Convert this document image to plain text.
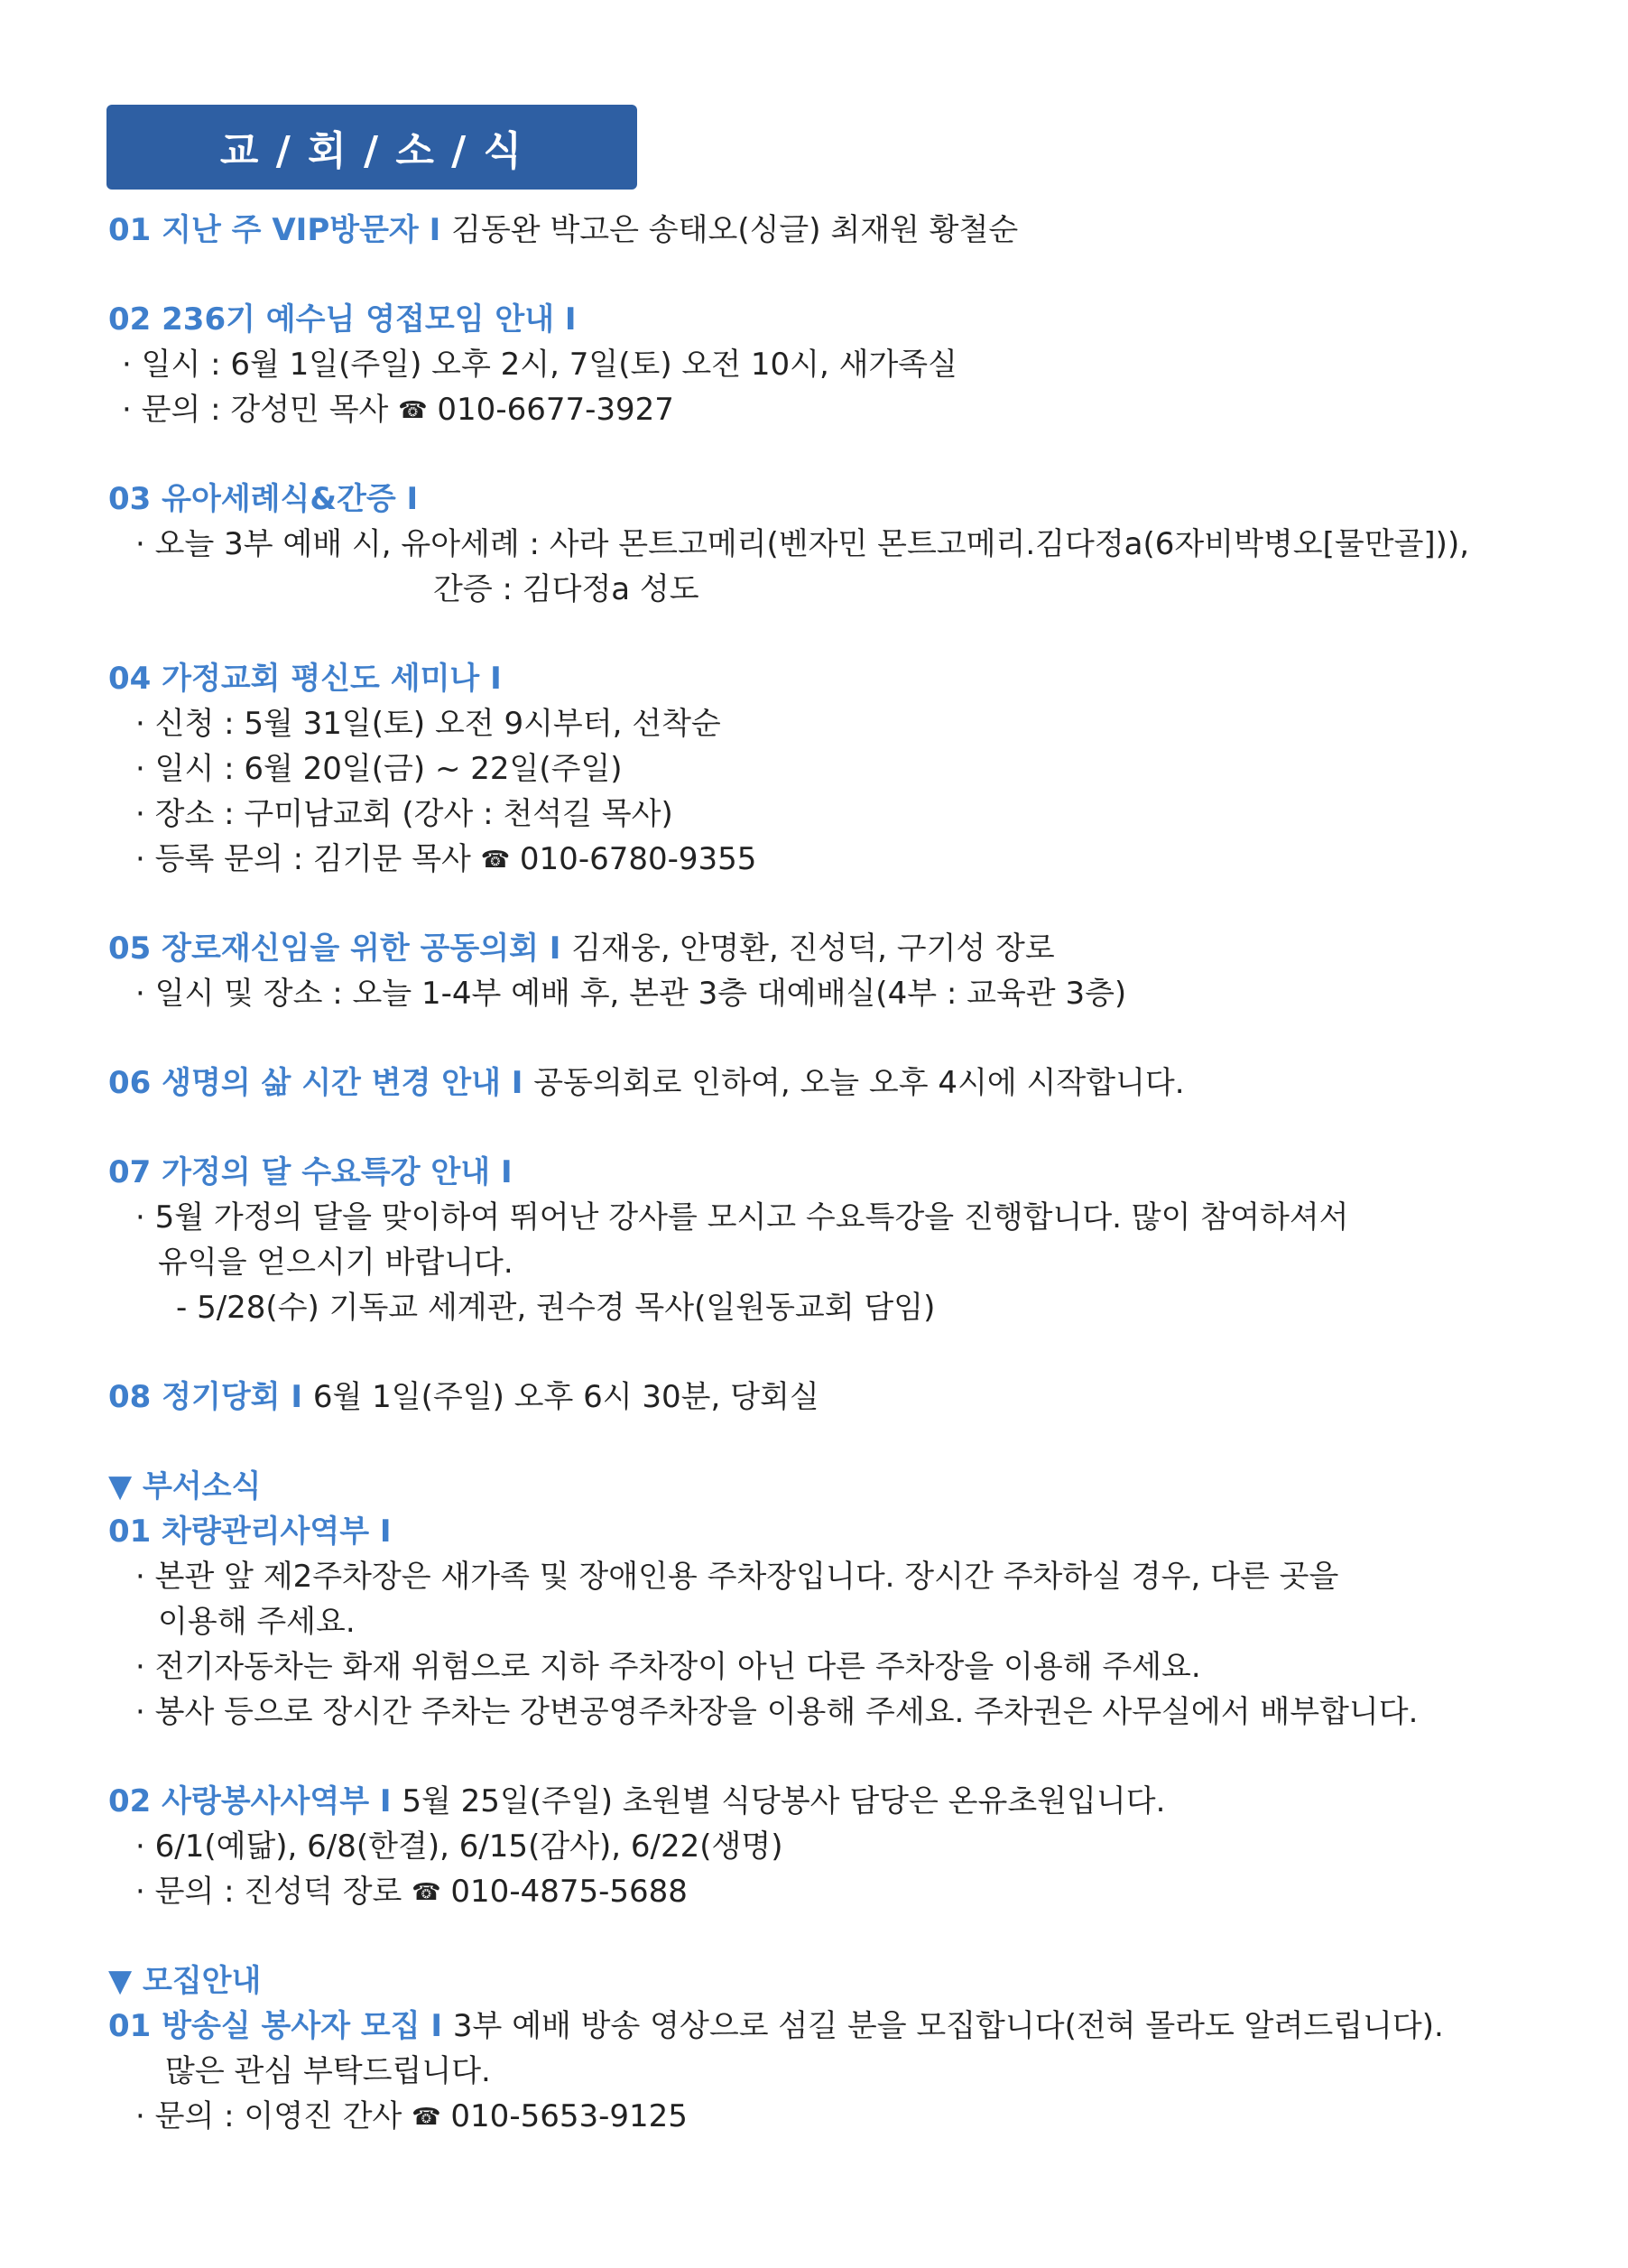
교 / 회 / 소 / 식
01 지난 주 VIP방문자 I 김동완 박고은 송태오(싱글) 최재원 황철순
02 236기 예수님 영접모임 안내 I
· 일시 : 6월 1일(주일) 오후 2시, 7일(토) 오전 10시, 새가족실
· 문의 : 강성민 목사 ☎ 010-6677-3927
03 유아세례식&간증 I
· 오늘 3부 예배 시, 유아세례 : 사라 몬트고메리(벤자민 몬트고메리.김다정a(6자비박병오[물만골])),
간증 : 김다정a 성도
04 가정교회 평신도 세미나 I
· 신청 : 5월 31일(토) 오전 9시부터, 선착순
· 일시 : 6월 20일(금) ~ 22일(주일)
· 장소 : 구미남교회 (강사 : 천석길 목사)
· 등록 문의 : 김기문 목사 ☎ 010-6780-9355
05 장로재신임을 위한 공동의회 I 김재웅, 안명환, 진성덕, 구기성 장로
· 일시 및 장소 : 오늘 1-4부 예배 후, 본관 3층 대예배실(4부 : 교육관 3층)
06 생명의 삶 시간 변경 안내 I 공동의회로 인하여, 오늘 오후 4시에 시작합니다.
07 가정의 달 수요특강 안내 I
· 5월 가정의 달을 맞이하여 뛰어난 강사를 모시고 수요특강을 진행합니다. 많이 참여하셔서
유익을 얻으시기 바랍니다.
- 5/28(수) 기독교 세계관, 권수경 목사(일원동교회 담임)
08 정기당회 I 6월 1일(주일) 오후 6시 30분, 당회실
▼ 부서소식
01 차량관리사역부 I
· 본관 앞 제2주차장은 새가족 및 장애인용 주차장입니다. 장시간 주차하실 경우, 다른 곳을
이용해 주세요.
· 전기자동차는 화재 위험으로 지하 주차장이 아닌 다른 주차장을 이용해 주세요.
· 봉사 등으로 장시간 주차는 강변공영주차장을 이용해 주세요. 주차권은 사무실에서 배부합니다.
02 사랑봉사사역부 I 5월 25일(주일) 초원별 식당봉사 담당은 온유초원입니다.
· 6/1(예닮), 6/8(한결), 6/15(감사), 6/22(생명)
· 문의 : 진성덕 장로 ☎ 010-4875-5688
▼ 모집안내
01 방송실 봉사자 모집 I 3부 예배 방송 영상으로 섬길 분을 모집합니다(전혀 몰라도 알려드립니다).
많은 관심 부탁드립니다.
· 문의 : 이영진 간사 ☎ 010-5653-9125
